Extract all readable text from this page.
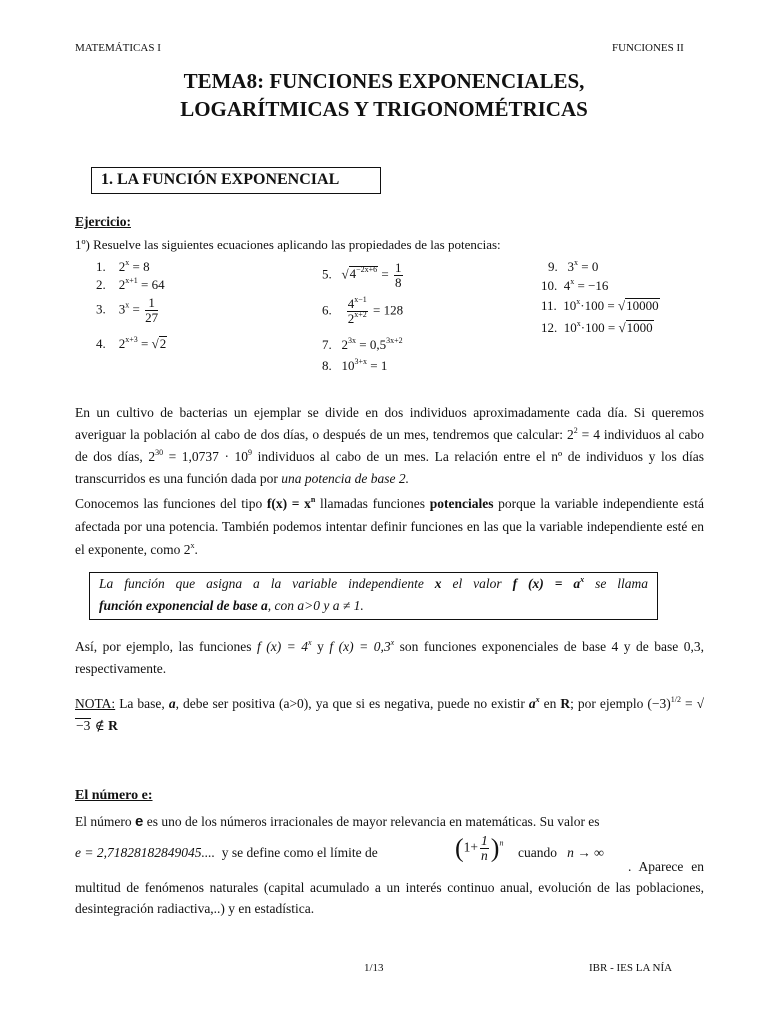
MATEMÁTICAS I	FUNCIONES II
TEMA8: FUNCIONES EXPONENCIALES,
LOGARÍTMICAS Y TRIGONOMÉTRICAS
1. LA FUNCIÓN EXPONENCIAL
Ejercicio:
1º) Resuelve las siguientes ecuaciones aplicando las propiedades de las potencias:
1. $2^x = 8$
2. $2^{x+1} = 64$
3. $3^x = \frac{1}{27}$
4. $2^{x+3} = √2$
5.   $√4^{-2x+6} = \frac{1}{8}$
6. $\frac{4^{x-1}}{2^{x+2}} = 128$
7. $2^{3x} = 0,5^{3x+2}$
8. $10^{3+x} = 1$
9. $3^x = 0$
10. $4^x = -16$
11. $10^x\cdot 100 = √10000$
12. $10^x\cdot 100 = √1000$
En un cultivo de bacterias un ejemplar se divide en dos individuos aproximadamente cada día. Si queremos averiguar la población al cabo de dos días, o después de un mes, tendremos que calcular: $2^2 = 4$ individuos al cabo de dos días, $2^{30} = 1,0737 \cdot 10^9$ individuos al cabo de un mes. La relación entre el nº de individuos y los días transcurridos es una función dada por una potencia de base 2.
Conocemos las funciones del tipo $f(x) = x^n$ llamadas funciones potenciales porque la variable independiente está afectada por una potencia. También podemos intentar definir funciones en las que la variable independiente esté en el exponente, como 2$^x$.
La función que asigna a la variable independiente x el valor f $(x) = a^x$ se llama
función exponencial de base a, con a>0 y a ≠ 1.
Así, por ejemplo, las funciones f $(x) = 4^x$ y f $(x) = 0,3^x$ son funciones exponenciales de base 4 y de base 0,3, respectivamente.
NOTA: La base, a, debe ser positiva (a>0), ya que si es negativa, puede no existir $a^x$ en R; por ejemplo $(-3)^{1/2} = √-3$ ∉ R
El número e:
El número e es uno de los números irracionales de mayor relevancia en matemáticas. Su valor es
e = 2,71828182849045.... y se define como el límite de	$(1+ \frac{1}{n} )^n$
cuando n → ∞
. Aparece en multitud de fenómenos naturales (capital acumulado a un interés continuo anual, evolución de las poblaciones, desintegración radiactiva,..) y en estadística.
1/13	IBR - IES LA NÍA
